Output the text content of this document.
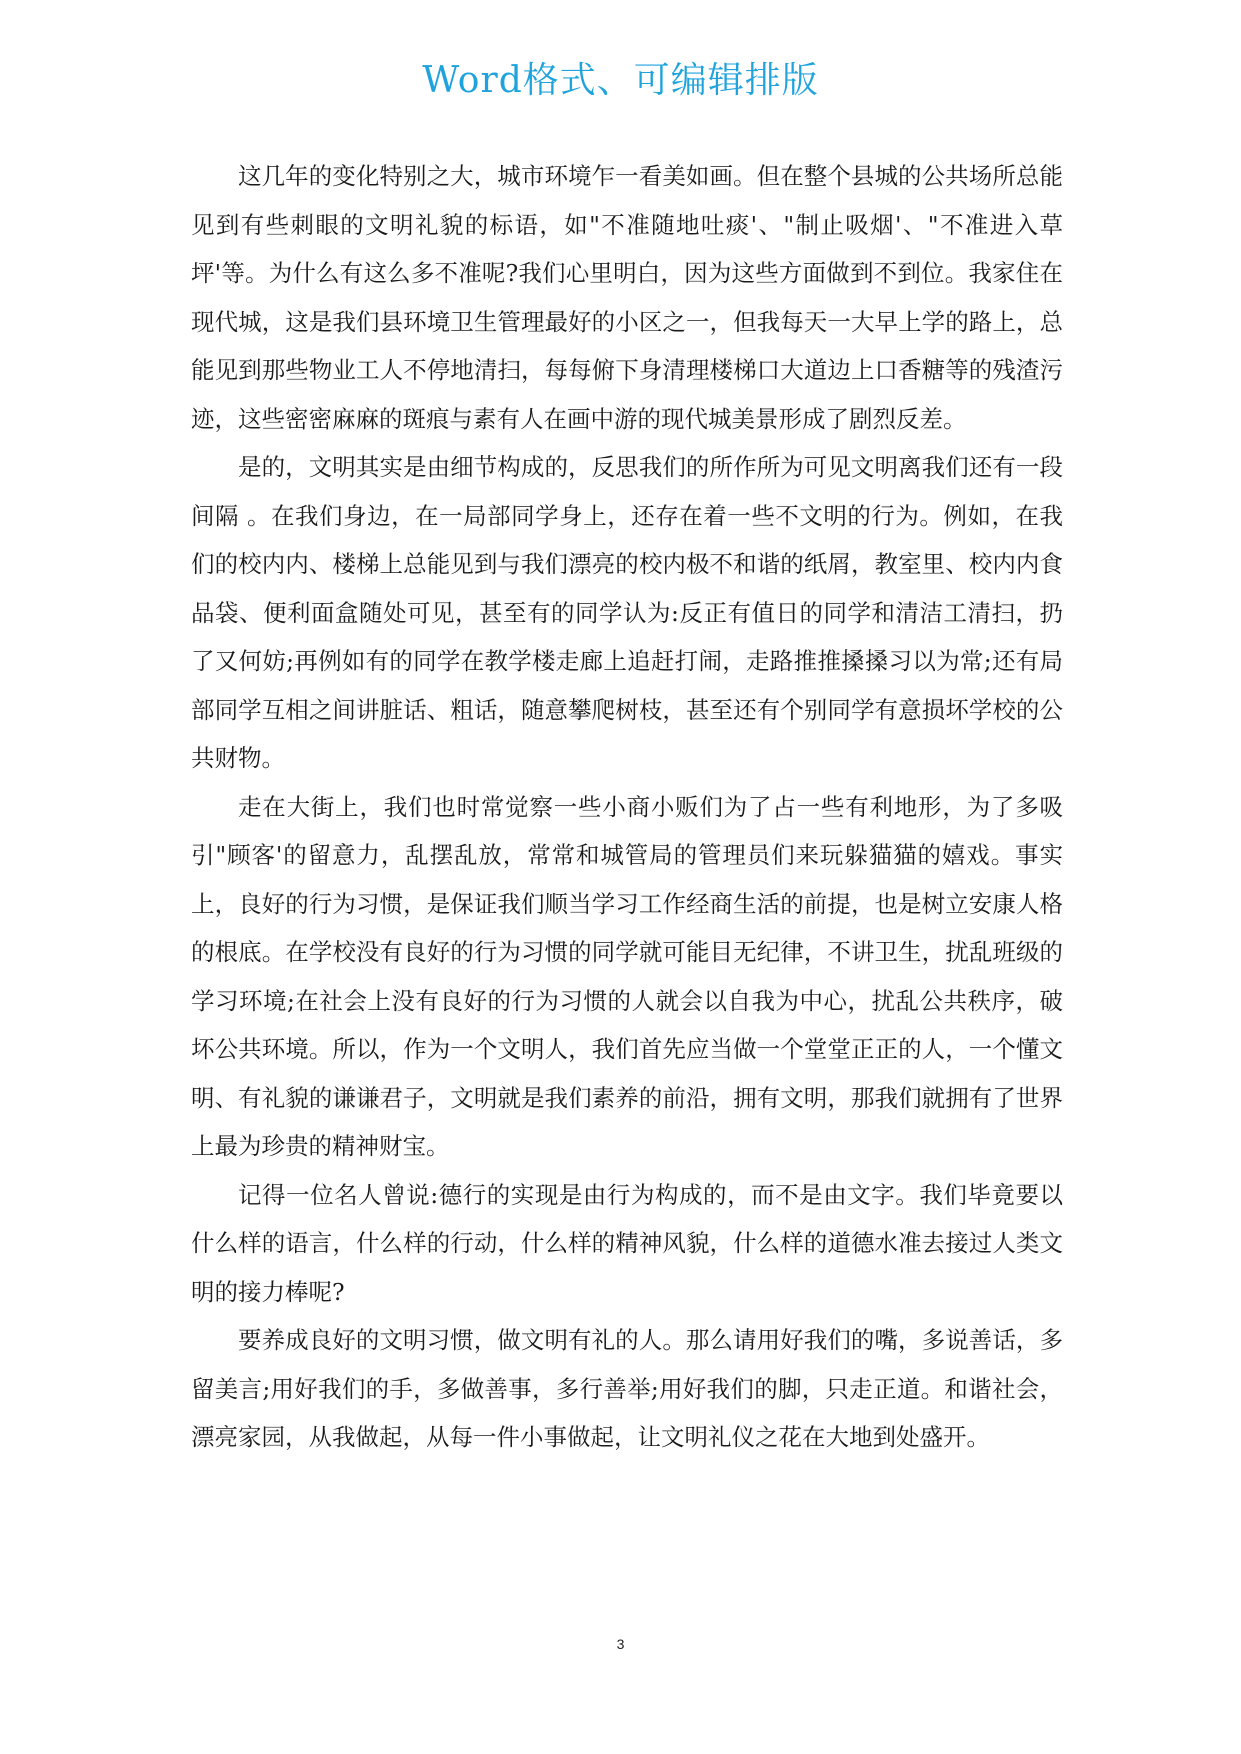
Word格式、可编辑排版

这几年的变化特别之大，城市环境乍一看美如画。但在整个县城的公共场所总能见到有些刺眼的文明礼貌的标语，如"不准随地吐痰'、"制止吸烟'、"不准进入草坪'等。为什么有这么多不准呢?我们心里明白，因为这些方面做到不到位。我家住在现代城，这是我们县环境卫生管理最好的小区之一，但我每天一大早上学的路上，总能见到那些物业工人不停地清扫，每每俯下身清理楼梯口大道边上口香糖等的残渣污迹，这些密密麻麻的斑痕与素有人在画中游的现代城美景形成了剧烈反差。

是的，文明其实是由细节构成的，反思我们的所作所为可见文明离我们还有一段间隔 。在我们身边，在一局部同学身上，还存在着一些不文明的行为。例如，在我们的校内内、楼梯上总能见到与我们漂亮的校内极不和谐的纸屑，教室里、校内内食品袋、便利面盒随处可见，甚至有的同学认为:反正有值日的同学和清洁工清扫，扔了又何妨;再例如有的同学在教学楼走廊上追赶打闹，走路推推搡搡习以为常;还有局部同学互相之间讲脏话、粗话，随意攀爬树枝，甚至还有个别同学有意损坏学校的公共财物。

走在大街上，我们也时常觉察一些小商小贩们为了占一些有利地形，为了多吸引"顾客'的留意力，乱摆乱放，常常和城管局的管理员们来玩躲猫猫的嬉戏。事实上，良好的行为习惯，是保证我们顺当学习工作经商生活的前提，也是树立安康人格的根底。在学校没有良好的行为习惯的同学就可能目无纪律，不讲卫生，扰乱班级的学习环境;在社会上没有良好的行为习惯的人就会以自我为中心，扰乱公共秩序，破坏公共环境。所以，作为一个文明人，我们首先应当做一个堂堂正正的人，一个懂文明、有礼貌的谦谦君子，文明就是我们素养的前沿，拥有文明，那我们就拥有了世界上最为珍贵的精神财宝。

记得一位名人曾说:德行的实现是由行为构成的，而不是由文字。我们毕竟要以什么样的语言，什么样的行动，什么样的精神风貌，什么样的道德水准去接过人类文明的接力棒呢?

要养成良好的文明习惯，做文明有礼的人。那么请用好我们的嘴，多说善话，多留美言;用好我们的手，多做善事，多行善举;用好我们的脚，只走正道。和谐社会，漂亮家园，从我做起，从每一件小事做起，让文明礼仪之花在大地到处盛开。

3
